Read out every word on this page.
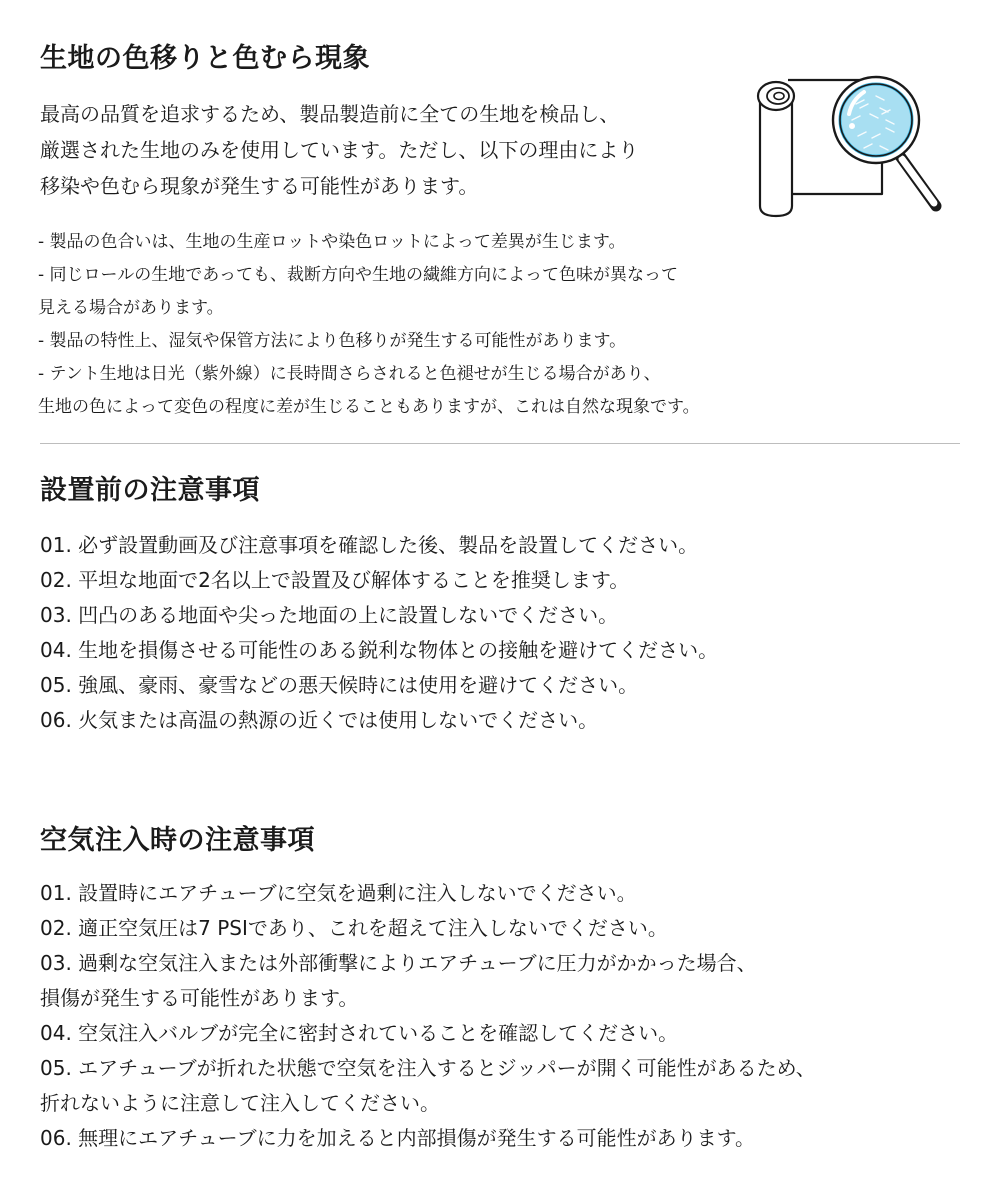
生地の色移りと色むら現象
最高の品質を追求するため、製品製造前に全ての生地を検品し、
厳選された生地のみを使用しています。ただし、以下の理由により
移染や色むら現象が発生する可能性があります。
- 製品の色合いは、生地の生産ロットや染色ロットによって差異が生じます。
- 同じロールの生地であっても、裁断方向や生地の繊維方向によって色味が異なって
見える場合があります。
- 製品の特性上、湿気や保管方法により色移りが発生する可能性があります。
- テント生地は日光（紫外線）に長時間さらされると色褪せが生じる場合があり、
生地の色によって変色の程度に差が生じることもありますが、これは自然な現象です。
設置前の注意事項
01. 必ず設置動画及び注意事項を確認した後、製品を設置してください。
02. 平坦な地面で2名以上で設置及び解体することを推奨します。
03. 凹凸のある地面や尖った地面の上に設置しないでください。
04. 生地を損傷させる可能性のある鋭利な物体との接触を避けてください。
05. 強風、豪雨、豪雪などの悪天候時には使用を避けてください。
06. 火気または高温の熱源の近くでは使用しないでください。
空気注入時の注意事項
01. 設置時にエアチューブに空気を過剰に注入しないでください。
02. 適正空気圧は7 PSIであり、これを超えて注入しないでください。
03. 過剰な空気注入または外部衝撃によりエアチューブに圧力がかかった場合、
損傷が発生する可能性があります。
04. 空気注入バルブが完全に密封されていることを確認してください。
05. エアチューブが折れた状態で空気を注入するとジッパーが開く可能性があるため、
折れないように注意して注入してください。
06. 無理にエアチューブに力を加えると内部損傷が発生する可能性があります。
